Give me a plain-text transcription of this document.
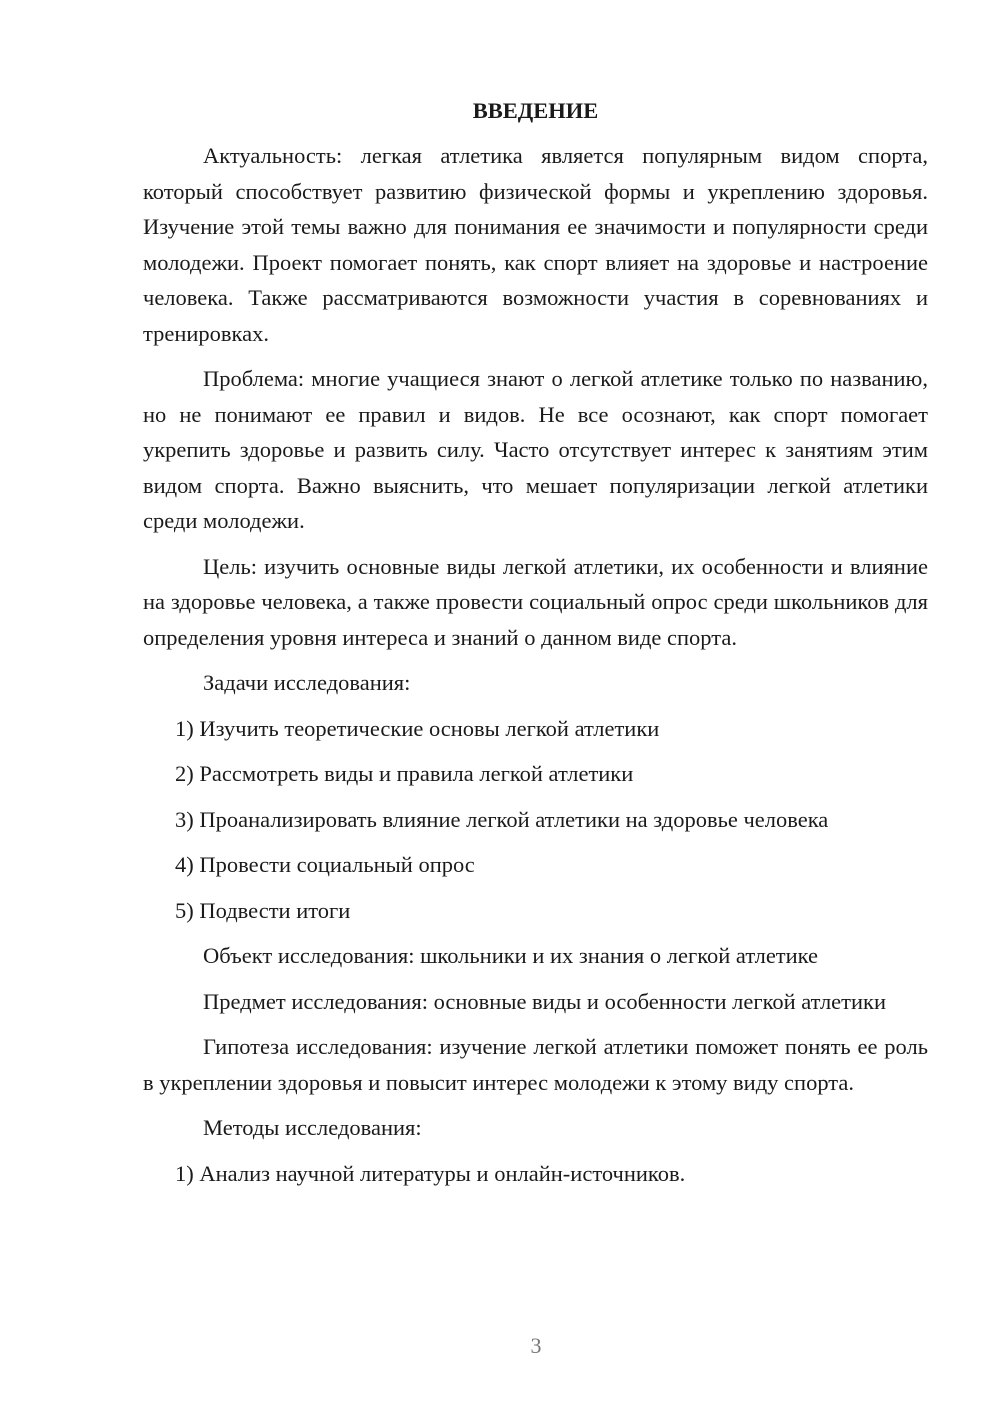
ВВЕДЕНИЕ

Актуальность: легкая атлетика является популярным видом спорта, который способствует развитию физической формы и укреплению здоровья. Изучение этой темы важно для понимания ее значимости и популярности среди молодежи. Проект помогает понять, как спорт влияет на здоровье и настроение человека. Также рассматриваются возможности участия в соревнованиях и тренировках.

Проблема: многие учащиеся знают о легкой атлетике только по названию, но не понимают ее правил и видов. Не все осознают, как спорт помогает укрепить здоровье и развить силу. Часто отсутствует интерес к занятиям этим видом спорта. Важно выяснить, что мешает популяризации легкой атлетики среди молодежи.

Цель: изучить основные виды легкой атлетики, их особенности и влияние на здоровье человека, а также провести социальный опрос среди школьников для определения уровня интереса и знаний о данном виде спорта.

Задачи исследования:
1) Изучить теоретические основы легкой атлетики
2) Рассмотреть виды и правила легкой атлетики
3) Проанализировать влияние легкой атлетики на здоровье человека
4) Провести социальный опрос
5) Подвести итоги
Объект исследования: школьники и их знания о легкой атлетике

Предмет исследования: основные виды и особенности легкой атлетики

Гипотеза исследования: изучение легкой атлетики поможет понять ее роль в укреплении здоровья и повысит интерес молодежи к этому виду спорта.

Методы исследования:
1) Анализ научной литературы и онлайн-источников.
3
